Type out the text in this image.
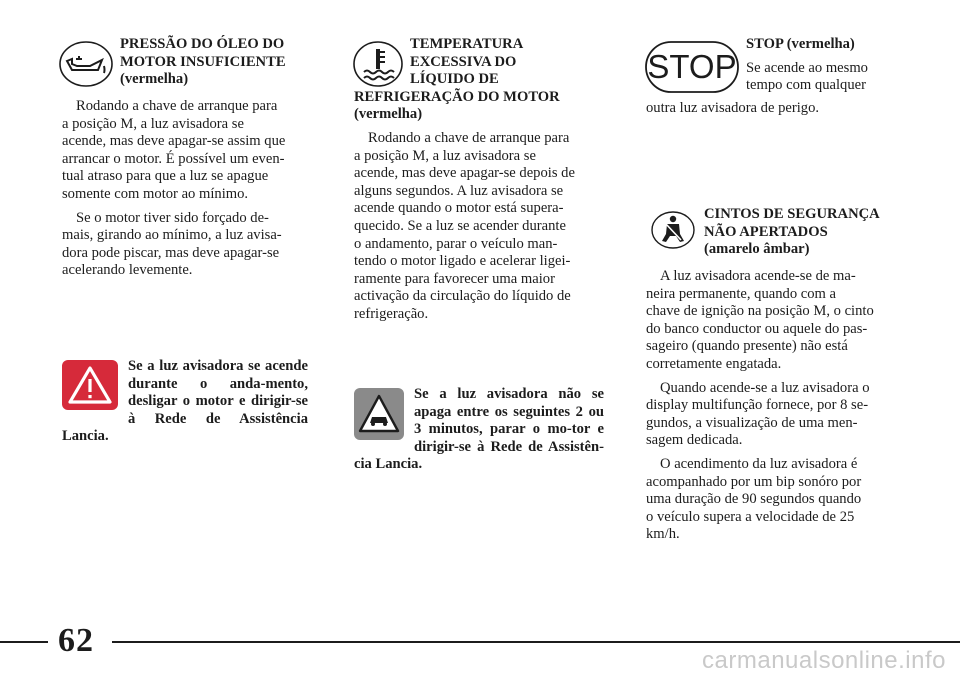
PRESSÃO DO ÓLEO DO

MOTOR INSUFICIENTE

(vermelha)

Rodando a chave de arranque para

a posição M, a luz avisadora se

acende, mas deve apagar-se assim que

arrancar o motor. É possível um even-

tual atraso para que a luz se apague

somente com motor ao mínimo.

Se o motor tiver sido forçado de-

mais, girando ao mínimo, a luz avisa-

dora pode piscar, mas deve apagar-se

acelerando levemente.

Se a luz avisadora se acende durante o anda-mento, desligar o motor e dirigir-se à Rede de Assistência Lancia.

TEMPERATURA

EXCESSIVA DO

LÍQUIDO DE

REFRIGERAÇÃO DO MOTOR

(vermelha)

Rodando a chave de arranque para

a posição M, a luz avisadora se

acende, mas deve apagar-se depois de

alguns segundos. A luz avisadora se

acende quando o motor está supera-

quecido. Se a luz se acender durante

o andamento, parar o veículo man-

tendo o motor ligado e acelerar ligei-

ramente para favorecer uma maior

activação da circulação do líquido de

refrigeração.

Se a luz avisadora não se apaga entre os seguintes 2 ou 3 minutos, parar o mo-tor e dirigir-se à Rede de Assistên-cia Lancia.
STOP

STOP (vermelha)

Se acende ao mesmo

tempo com qualquer

outra luz avisadora de perigo.

CINTOS DE SEGURANÇA

NÃO APERTADOS

(amarelo âmbar)

A luz avisadora acende-se de ma-

neira permanente, quando com a

chave de ignição na posição M, o cinto

do banco conductor ou aquele do pas-

sageiro (quando presente) não está

corretamente engatada.

Quando acende-se a luz avisadora o

display multifunção fornece, por 8 se-

gundos, a visualização de uma men-

sagem dedicada.

O acendimento da luz avisadora é

acompanhado por um bip sonóro por

uma duração de 90 segundos quando

o veículo supera a velocidade de 25

km/h.

62
carmanualsonline.info
